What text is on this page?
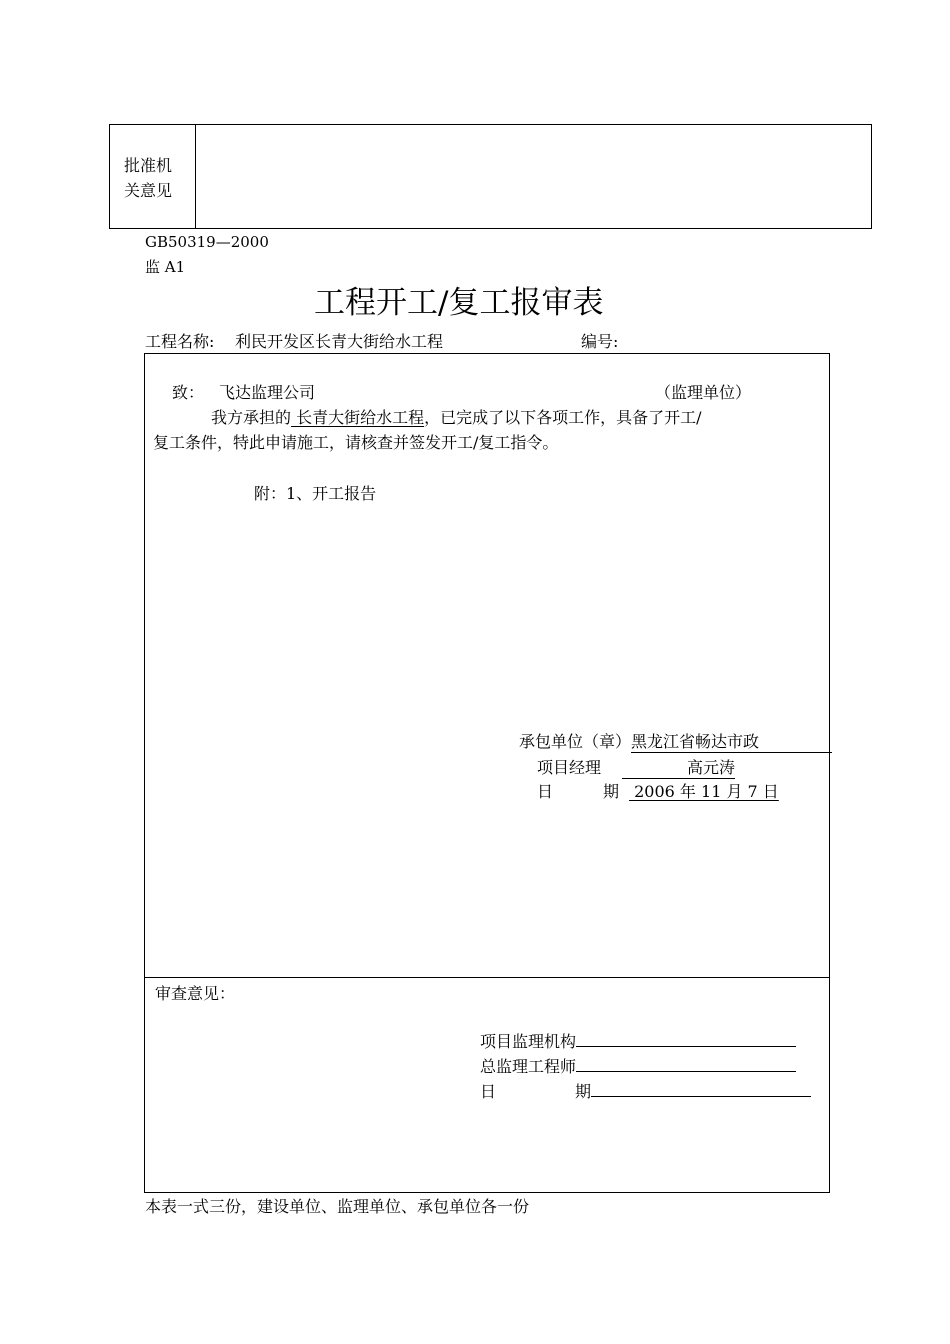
批准机
关意见
GB50319—2000
监 A1
工程开工/复工报审表
工程名称: 利民开发区长青大街给水工程	编号:
致： 飞达监理公司	（监理单位）
我方承担的 长青大街给水工程，已完成了以下各项工作，具备了开工/
复工条件，特此申请施工，请核查并签发开工/复工指令。
附：1、开工报告
承包单位（章）黑龙江省畅达市政
项目经理	高元涛
日	期 2006 年 11 月 7 日
审查意见：
项目监理机构
总监理工程师
日	期
本表一式三份，建设单位、监理单位、承包单位各一份
